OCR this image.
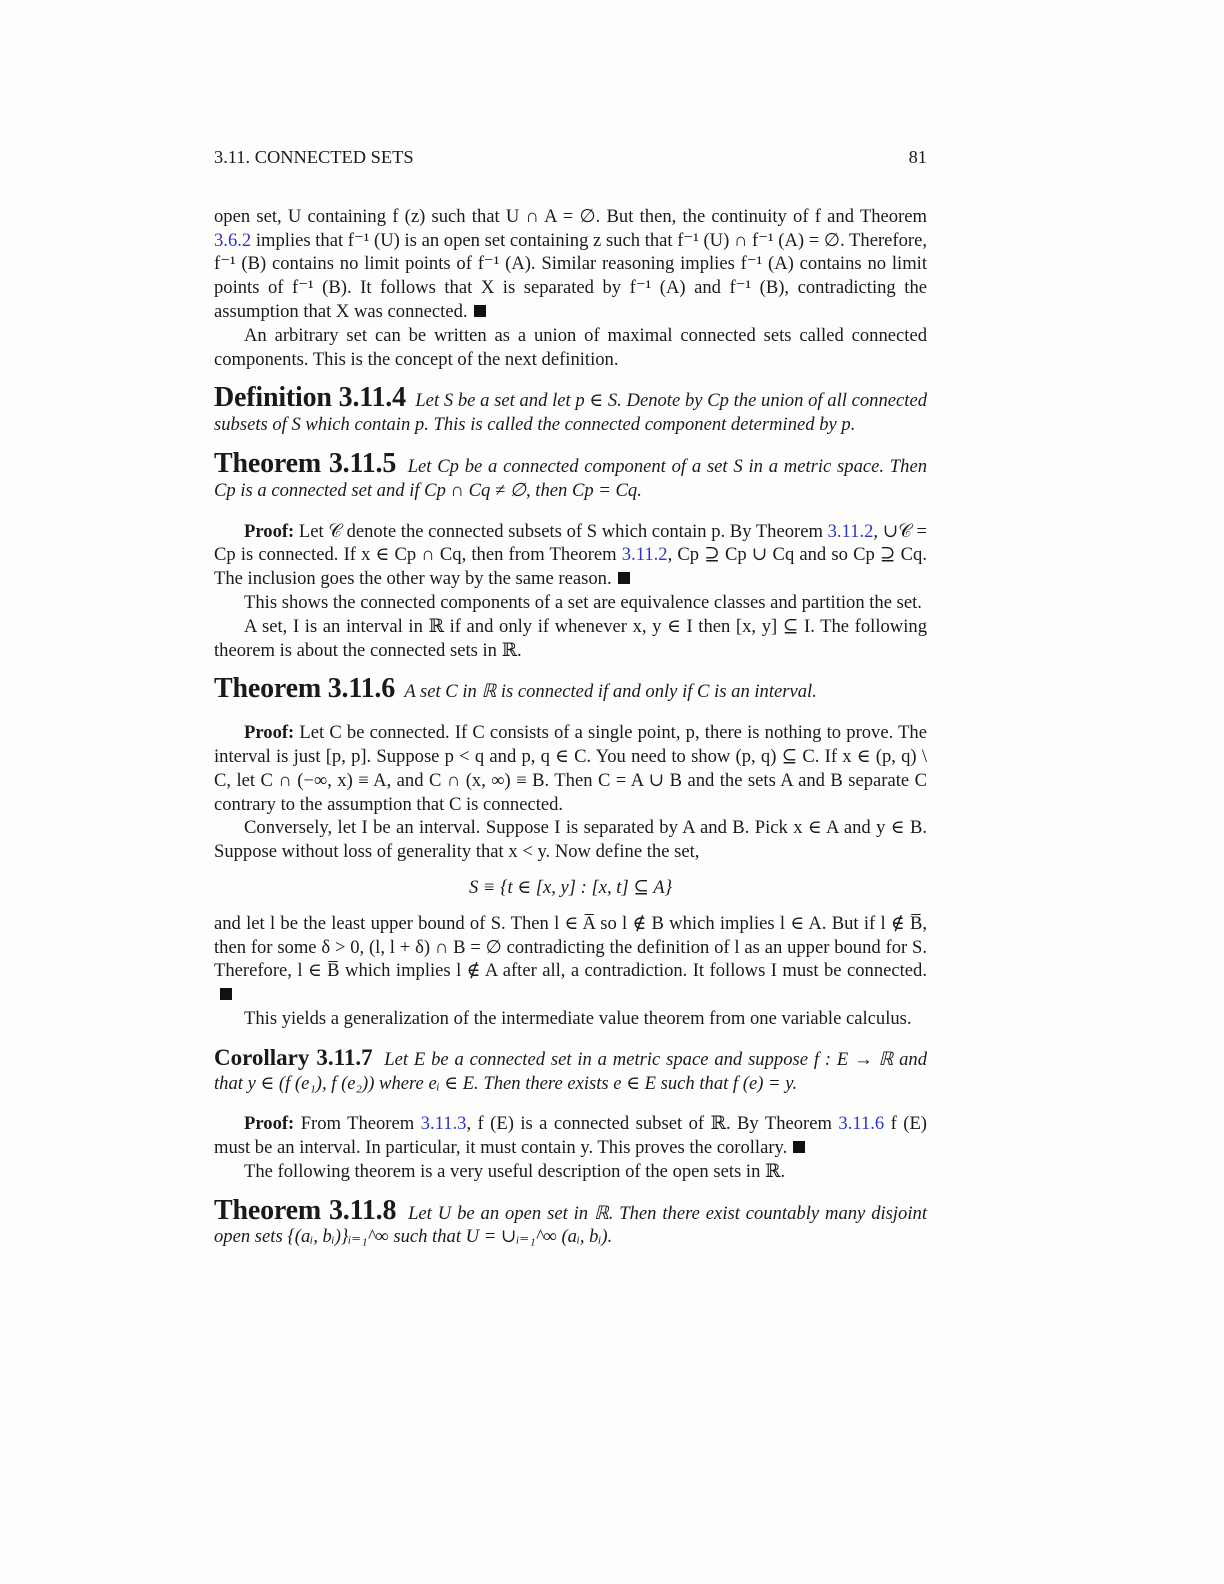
3.11. CONNECTED SETS	81

open set, U containing f (z) such that U ∩ A = ∅. But then, the continuity of f and Theorem 3.6.2 implies that f⁻¹ (U) is an open set containing z such that f⁻¹ (U) ∩ f⁻¹ (A) = ∅. Therefore, f⁻¹ (B) contains no limit points of f⁻¹ (A). Similar reasoning implies f⁻¹ (A) contains no limit points of f⁻¹ (B). It follows that X is separated by f⁻¹ (A) and f⁻¹ (B), contradicting the assumption that X was connected.

An arbitrary set can be written as a union of maximal connected sets called connected components. This is the concept of the next definition.

Definition 3.11.4 Let S be a set and let p ∈ S. Denote by Cp the union of all connected subsets of S which contain p. This is called the connected component determined by p.

Theorem 3.11.5 Let Cp be a connected component of a set S in a metric space. Then Cp is a connected set and if Cp ∩ Cq ≠ ∅, then Cp = Cq.

Proof: Let 𝒞 denote the connected subsets of S which contain p. By Theorem 3.11.2, ∪𝒞 = Cp is connected. If x ∈ Cp ∩ Cq, then from Theorem 3.11.2, Cp ⊇ Cp ∪ Cq and so Cp ⊇ Cq. The inclusion goes the other way by the same reason.

This shows the connected components of a set are equivalence classes and partition the set.

A set, I is an interval in ℝ if and only if whenever x, y ∈ I then [x, y] ⊆ I. The following theorem is about the connected sets in ℝ.

Theorem 3.11.6 A set C in ℝ is connected if and only if C is an interval.

Proof: Let C be connected. If C consists of a single point, p, there is nothing to prove. The interval is just [p, p]. Suppose p < q and p, q ∈ C. You need to show (p, q) ⊆ C. If x ∈ (p, q) \ C, let C ∩ (−∞, x) ≡ A, and C ∩ (x, ∞) ≡ B. Then C = A ∪ B and the sets A and B separate C contrary to the assumption that C is connected.

Conversely, let I be an interval. Suppose I is separated by A and B. Pick x ∈ A and y ∈ B. Suppose without loss of generality that x < y. Now define the set,

S ≡ {t ∈ [x, y] : [x, t] ⊆ A}

and let l be the least upper bound of S. Then l ∈ A̅ so l ∉ B which implies l ∈ A. But if l ∉ B̅, then for some δ > 0, (l, l + δ) ∩ B = ∅ contradicting the definition of l as an upper bound for S. Therefore, l ∈ B̅ which implies l ∉ A after all, a contradiction. It follows I must be connected.

This yields a generalization of the intermediate value theorem from one variable calculus.

Corollary 3.11.7 Let E be a connected set in a metric space and suppose f : E → ℝ and that y ∈ (f (e₁), f (e₂)) where eᵢ ∈ E. Then there exists e ∈ E such that f (e) = y.

Proof: From Theorem 3.11.3, f (E) is a connected subset of ℝ. By Theorem 3.11.6 f (E) must be an interval. In particular, it must contain y. This proves the corollary.

The following theorem is a very useful description of the open sets in ℝ.

Theorem 3.11.8 Let U be an open set in ℝ. Then there exist countably many disjoint open sets {(aᵢ, bᵢ)}ᵢ₌₁^∞ such that U = ∪ᵢ₌₁^∞ (aᵢ, bᵢ).
